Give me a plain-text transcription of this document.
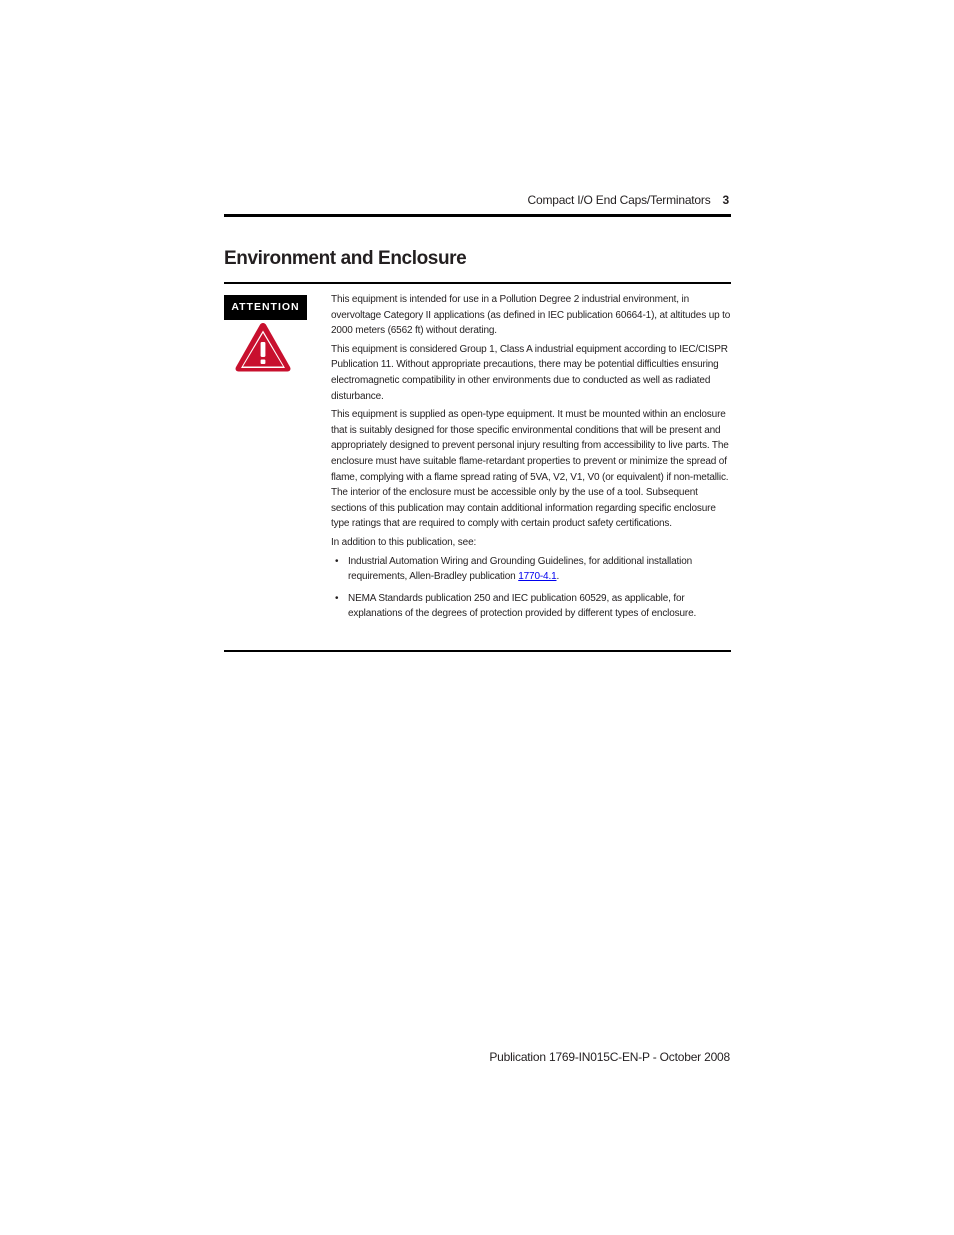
Compact I/O End Caps/Terminators 3
Environment and Enclosure
ATTENTION

This equipment is intended for use in a Pollution Degree 2 industrial environment, in overvoltage Category II applications (as defined in IEC publication 60664-1), at altitudes up to 2000 meters (6562 ft) without derating.

This equipment is considered Group 1, Class A industrial equipment according to IEC/CISPR Publication 11. Without appropriate precautions, there may be potential difficulties ensuring electromagnetic compatibility in other environments due to conducted as well as radiated disturbance.

This equipment is supplied as open-type equipment. It must be mounted within an enclosure that is suitably designed for those specific environmental conditions that will be present and appropriately designed to prevent personal injury resulting from accessibility to live parts. The enclosure must have suitable flame-retardant properties to prevent or minimize the spread of flame, complying with a flame spread rating of 5VA, V2, V1, V0 (or equivalent) if non-metallic. The interior of the enclosure must be accessible only by the use of a tool. Subsequent sections of this publication may contain additional information regarding specific enclosure type ratings that are required to comply with certain product safety certifications.

In addition to this publication, see:

• Industrial Automation Wiring and Grounding Guidelines, for additional installation requirements, Allen-Bradley publication 1770-4.1.
• NEMA Standards publication 250 and IEC publication 60529, as applicable, for explanations of the degrees of protection provided by different types of enclosure.
Publication 1769-IN015C-EN-P - October 2008
